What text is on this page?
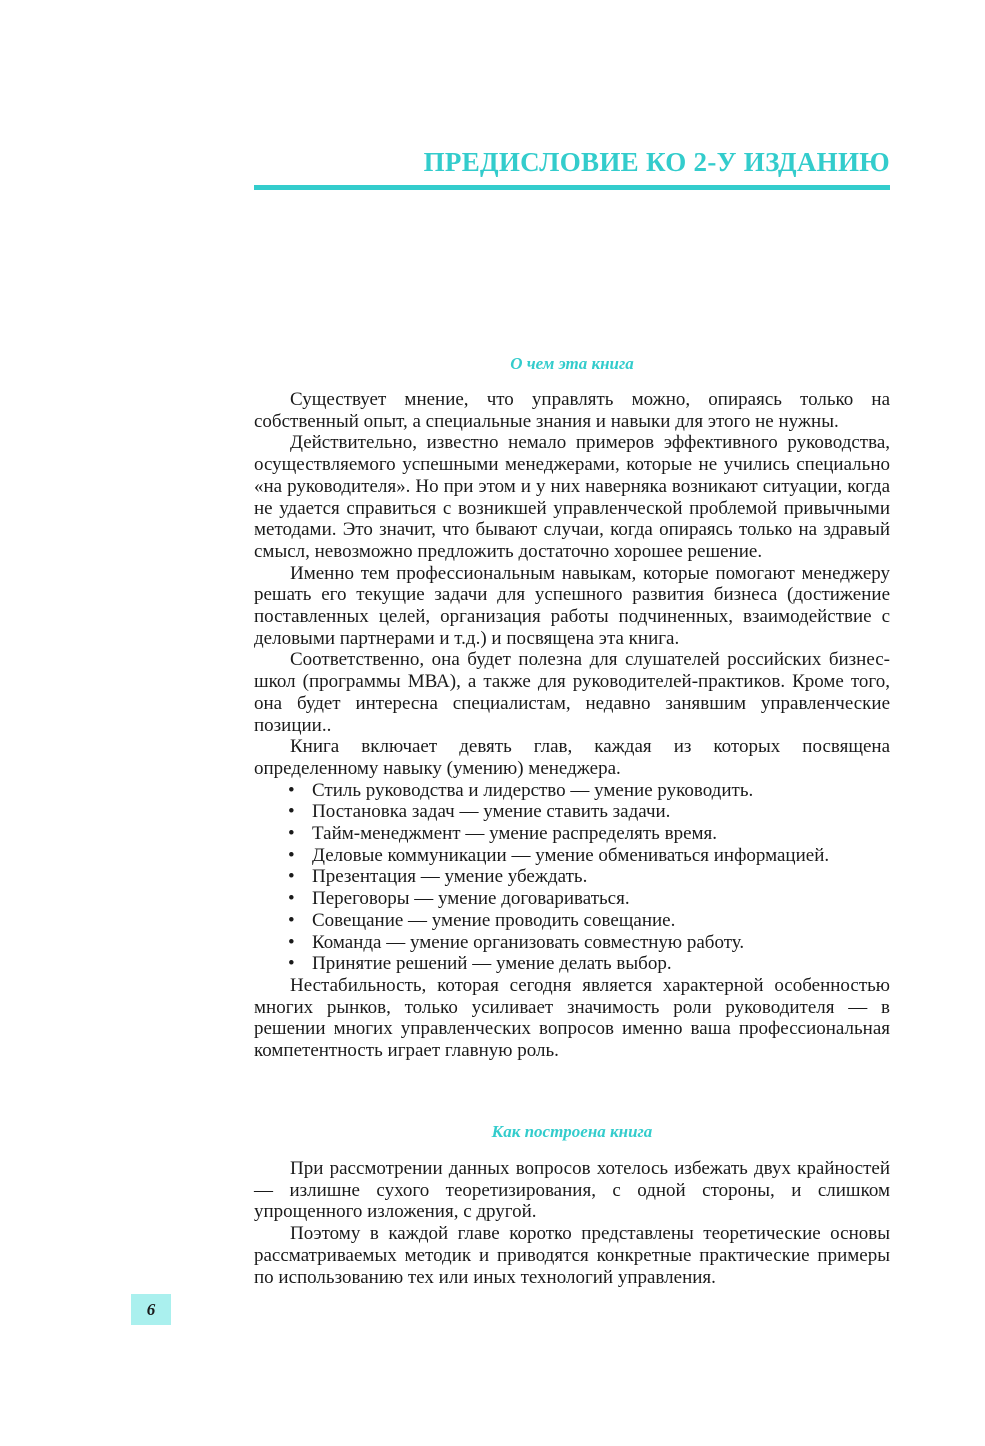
ПРЕДИСЛОВИЕ КО 2-У ИЗДАНИЮ
О чем эта книга

Существует мнение, что управлять можно, опираясь только на собственный опыт, а специальные знания и навыки для этого не нужны.

Действительно, известно немало примеров эффективного руководства, осуществляемого успешными менеджерами, которые не учились специально «на руководителя». Но при этом и у них наверняка возникают ситуации, когда не удается справиться с возникшей управленческой проблемой привычными методами. Это значит, что бывают случаи, когда опираясь только на здравый смысл, невозможно предложить достаточно хорошее решение.

Именно тем профессиональным навыкам, которые помогают менеджеру решать его текущие задачи для успешного развития бизнеса (достижение поставленных целей, организация работы подчиненных, взаимодействие с деловыми партнерами и т.д.) и посвящена эта книга.

Соответственно, она будет полезна для слушателей российских бизнес-школ (программы МВА), а также для руководителей-практиков. Кроме того, она будет интересна специалистам, недавно занявшим управленческие позиции..

Книга включает девять глав, каждая из которых посвящена определенному навыку (умению) менеджера.

• Стиль руководства и лидерство — умение руководить.
• Постановка задач — умение ставить задачи.
• Тайм-менеджмент — умение распределять время.
• Деловые коммуникации — умение обмениваться информацией.
• Презентация — умение убеждать.
• Переговоры — умение договариваться.
• Совещание — умение проводить совещание.
• Команда — умение организовать совместную работу.
• Принятие решений — умение делать выбор.

Нестабильность, которая сегодня является характерной особенностью многих рынков, только усиливает значимость роли руководителя — в решении многих управленческих вопросов именно ваша профессиональная компетентность играет главную роль.

Как построена книга

При рассмотрении данных вопросов хотелось избежать двух крайностей — излишне сухого теоретизирования, с одной стороны, и слишком упрощенного изложения, с другой.

Поэтому в каждой главе коротко представлены теоретические основы рассматриваемых методик и приводятся конкретные практические примеры по использованию тех или иных технологий управления.

6
